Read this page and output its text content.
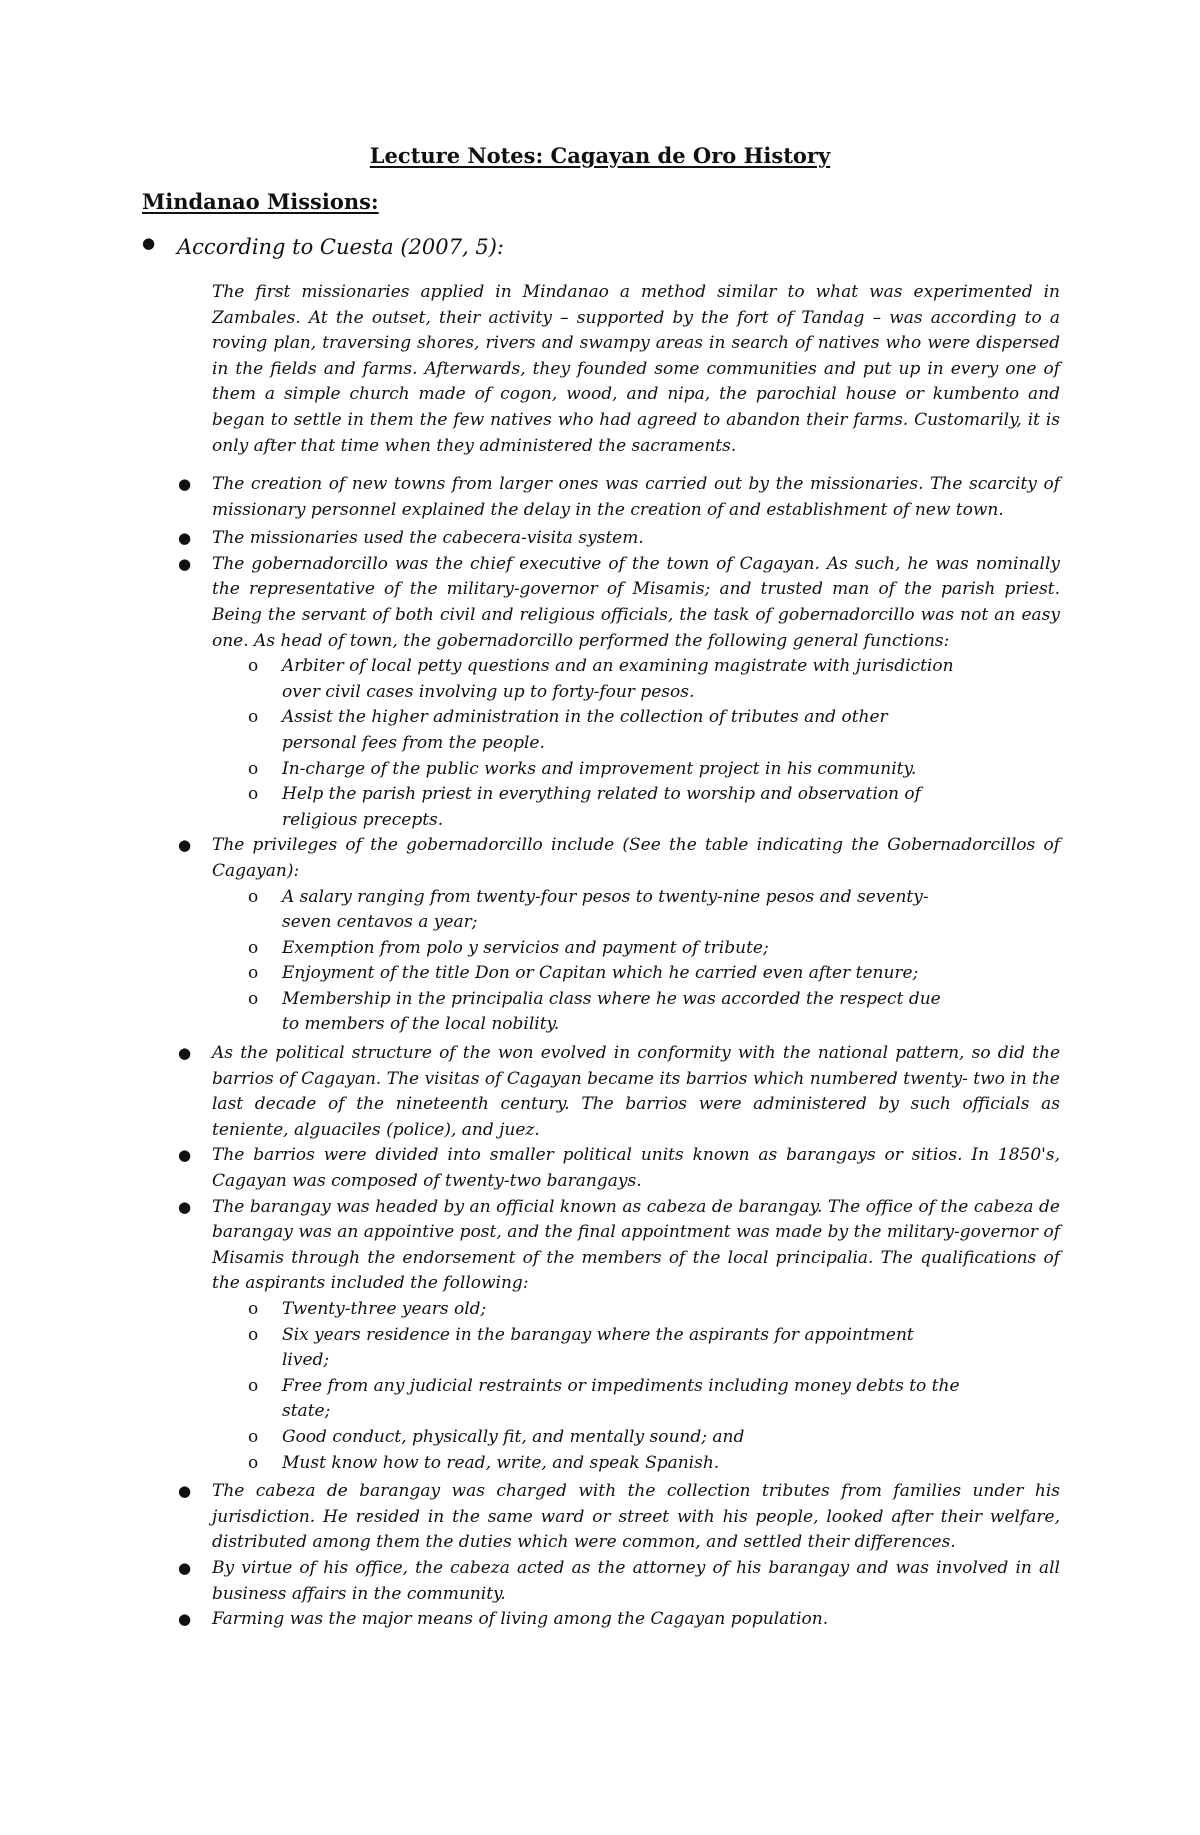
Lecture Notes: Cagayan de Oro History
Mindanao Missions:
● According to Cuesta (2007, 5):

The first missionaries applied in Mindanao a method similar to what was experimented in Zambales. At the outset, their activity – supported by the fort of Tandag – was according to a roving plan, traversing shores, rivers and swampy areas in search of natives who were dispersed in the fields and farms. Afterwards, they founded some communities and put up in every one of them a simple church made of cogon, wood, and nipa, the parochial house or kumbento and began to settle in them the few natives who had agreed to abandon their farms. Customarily, it is only after that time when they administered the sacraments.

● The creation of new towns from larger ones was carried out by the missionaries. The scarcity of missionary personnel explained the delay in the creation of and establishment of new town.
● The missionaries used the cabecera-visita system.
● The gobernadorcillo was the chief executive of the town of Cagayan. As such, he was nominally the representative of the military-governor of Misamis; and trusted man of the parish priest. Being the servant of both civil and religious officials, the task of gobernadorcillo was not an easy one. As head of town, the gobernadorcillo performed the following general functions:
o Arbiter of local petty questions and an examining magistrate with jurisdiction over civil cases involving up to forty-four pesos.
o Assist the higher administration in the collection of tributes and other personal fees from the people.
o In-charge of the public works and improvement project in his community.
o Help the parish priest in everything related to worship and observation of religious precepts.
● The privileges of the gobernadorcillo include (See the table indicating the Gobernadorcillos of Cagayan):
o A salary ranging from twenty-four pesos to twenty-nine pesos and seventy-seven centavos a year;
o Exemption from polo y servicios and payment of tribute;
o Enjoyment of the title Don or Capitan which he carried even after tenure;
o Membership in the principalia class where he was accorded the respect due to members of the local nobility.
● As the political structure of the won evolved in conformity with the national pattern, so did the barrios of Cagayan. The visitas of Cagayan became its barrios which numbered twenty- two in the last decade of the nineteenth century. The barrios were administered by such officials as teniente, alguaciles (police), and juez.
● The barrios were divided into smaller political units known as barangays or sitios. In 1850's, Cagayan was composed of twenty-two barangays.
● The barangay was headed by an official known as cabeza de barangay. The office of the cabeza de barangay was an appointive post, and the final appointment was made by the military-governor of Misamis through the endorsement of the members of the local principalia. The qualifications of the aspirants included the following:
o Twenty-three years old;
o Six years residence in the barangay where the aspirants for appointment lived;
o Free from any judicial restraints or impediments including money debts to the state;
o Good conduct, physically fit, and mentally sound; and
o Must know how to read, write, and speak Spanish.
● The cabeza de barangay was charged with the collection tributes from families under his jurisdiction. He resided in the same ward or street with his people, looked after their welfare, distributed among them the duties which were common, and settled their differences.
● By virtue of his office, the cabeza acted as the attorney of his barangay and was involved in all business affairs in the community.
● Farming was the major means of living among the Cagayan population.
